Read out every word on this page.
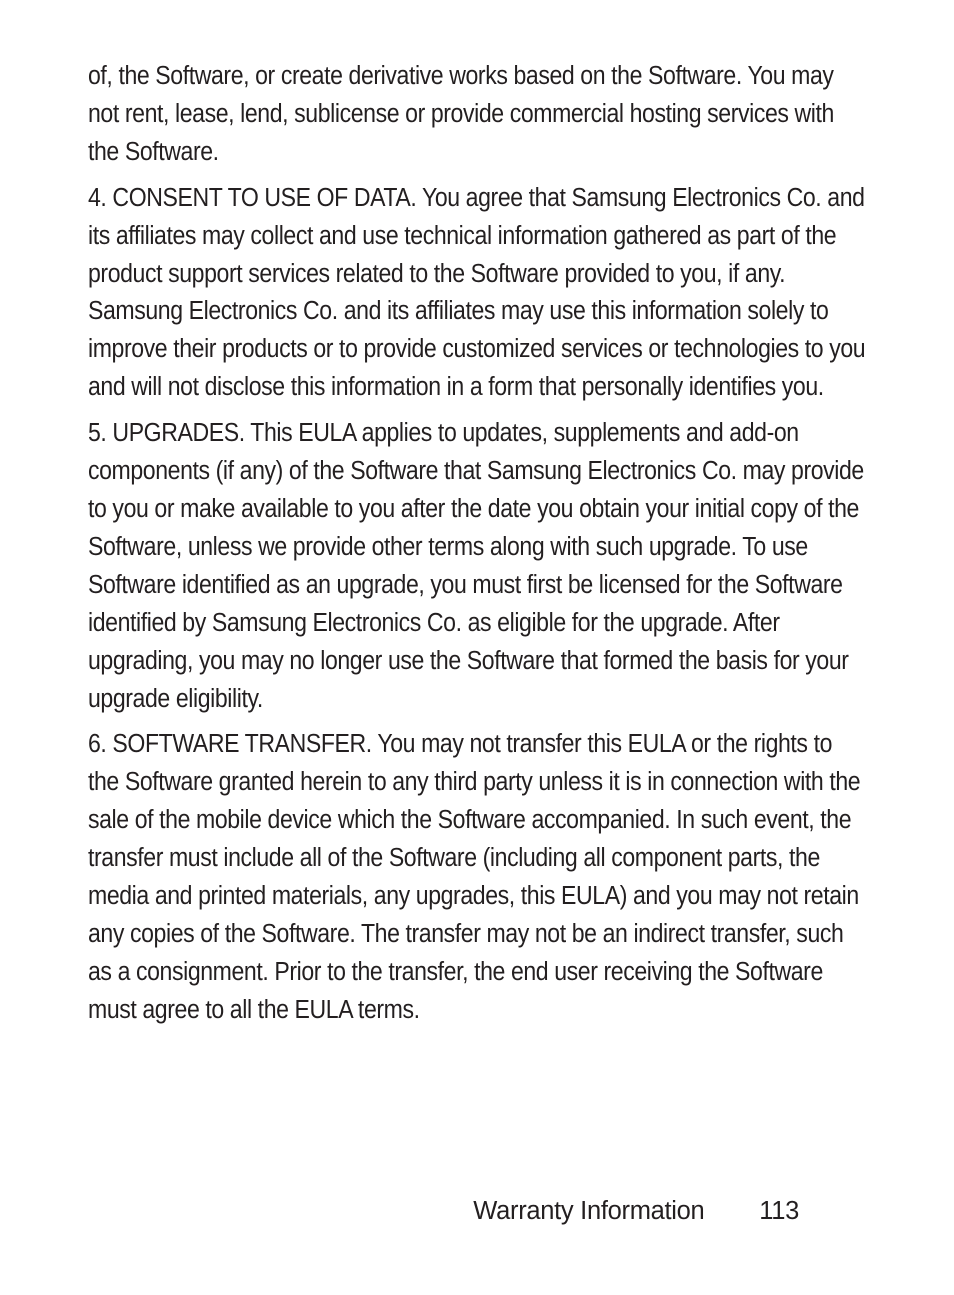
of, the Software, or create derivative works based on the Software. You may not rent, lease, lend, sublicense or provide commercial hosting services with the Software.

4. CONSENT TO USE OF DATA. You agree that Samsung Electronics Co. and its affiliates may collect and use technical information gathered as part of the product support services related to the Software provided to you, if any. Samsung Electronics Co. and its affiliates may use this information solely to improve their products or to provide customized services or technologies to you and will not disclose this information in a form that personally identifies you.

5. UPGRADES. This EULA applies to updates, supplements and add-on components (if any) of the Software that Samsung Electronics Co. may provide to you or make available to you after the date you obtain your initial copy of the Software, unless we provide other terms along with such upgrade. To use Software identified as an upgrade, you must first be licensed for the Software identified by Samsung Electronics Co. as eligible for the upgrade. After upgrading, you may no longer use the Software that formed the basis for your upgrade eligibility.

6. SOFTWARE TRANSFER. You may not transfer this EULA or the rights to the Software granted herein to any third party unless it is in connection with the sale of the mobile device which the Software accompanied. In such event, the transfer must include all of the Software (including all component parts, the media and printed materials, any upgrades, this EULA) and you may not retain any copies of the Software. The transfer may not be an indirect transfer, such as a consignment. Prior to the transfer, the end user receiving the Software must agree to all the EULA terms.

Warranty Information 113
